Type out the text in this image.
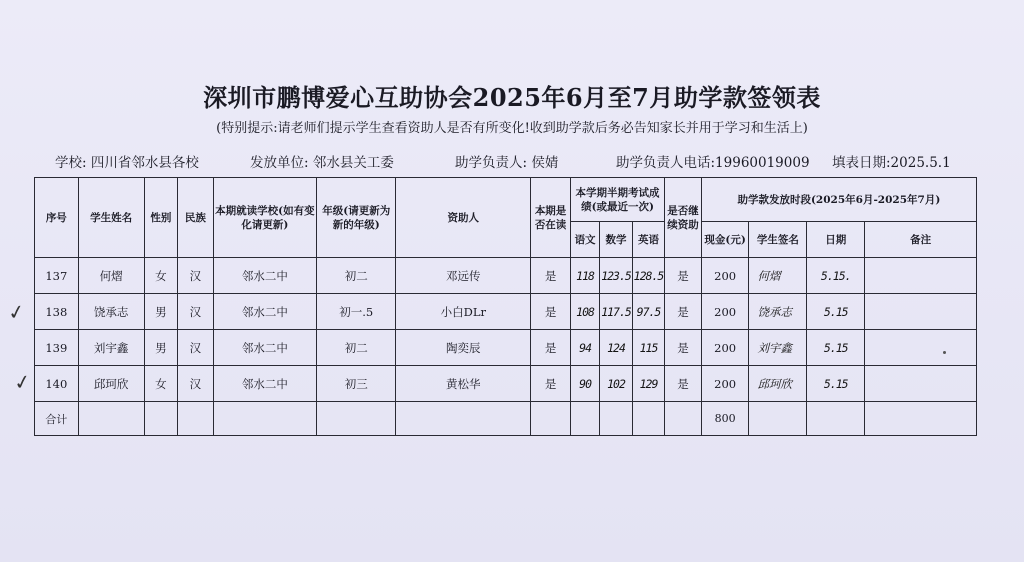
深圳市鹏博爱心互助协会2025年6月至7月助学款签领表
(特别提示:请老师们提示学生查看资助人是否有所变化!收到助学款后务必告知家长并用于学习和生活上)
学校: 四川省邻水县各校	发放单位: 邻水县关工委	助学负责人: 侯婧	助学负责人电话:19960019009 填表日期:2025.5.1
序号	学生姓名	性别	民族	本期就读学校(如有变化请更新)	年级(请更新为新的年级)	资助人	本期是否在读	本学期半期考试成绩(或最近一次)			是否继续资助	助学款发放时段(2025年6月-2025年7月)			
								语文	数学	英语		现金(元)	学生签名	日期	备注
137	何熠	女	汉	邻水二中	初二	邓远传	是	118	123.5	128.5	是	200	何熠	5.15.	
138	饶承志	男	汉	邻水二中	初一.5	小白DLr	是	108	117.5	97.5	是	200	饶承志	5.15	
139	刘宇鑫	男	汉	邻水二中	初二	陶奕辰	是	94	124	115	是	200	刘宇鑫	5.15	
140	邱珂欣	女	汉	邻水二中	初三	黄松华	是	90	102	129	是	200	邱珂欣	5.15	
合计												800			
✓
✓
